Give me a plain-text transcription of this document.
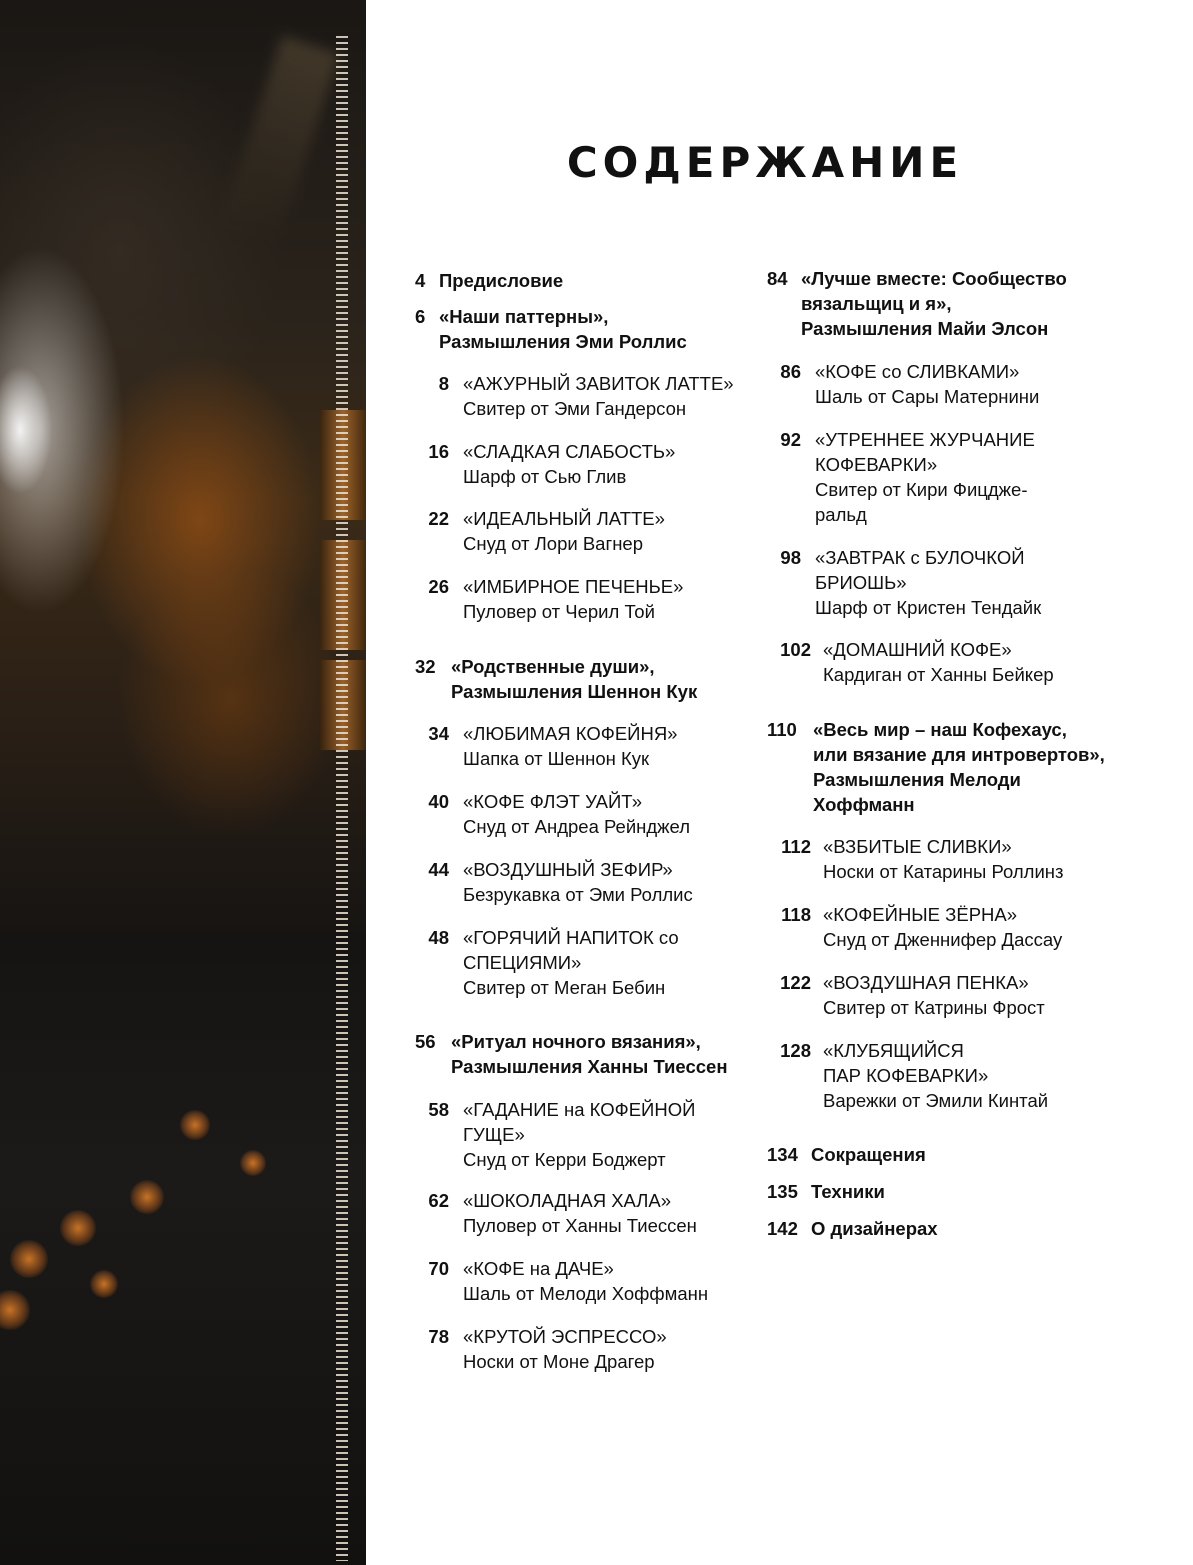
СОДЕРЖАНИЕ
4 Предисловие
6 «Наши паттерны»,
Размышления Эми Роллис
8 «АЖУРНЫЙ ЗАВИТОК ЛАТТЕ»
Свитер от Эми Гандерсон
16 «СЛАДКАЯ СЛАБОСТЬ»
Шарф от Сью Глив
22 «ИДЕАЛЬНЫЙ ЛАТТЕ»
Снуд от Лори Вагнер
26 «ИМБИРНОЕ ПЕЧЕНЬЕ»
Пуловер от Черил Той
32 «Родственные души»,
Размышления Шеннон Кук
34 «ЛЮБИМАЯ КОФЕЙНЯ»
Шапка от Шеннон Кук
40 «КОФЕ ФЛЭТ УАЙТ»
Снуд от Андреа Рейнджел
44 «ВОЗДУШНЫЙ ЗЕФИР»
Безрукавка от Эми Роллис
48 «ГОРЯЧИЙ НАПИТОК со
СПЕЦИЯМИ»
Свитер от Меган Бебин
56 «Ритуал ночного вязания»,
Размышления Ханны Тиессен
58 «ГАДАНИЕ на КОФЕЙНОЙ
ГУЩЕ»
Снуд от Керри Боджерт
62 «ШОКОЛАДНАЯ ХАЛА»
Пуловер от Ханны Тиессен
70 «КОФЕ на ДАЧЕ»
Шаль от Мелоди Хоффманн
78 «КРУТОЙ ЭСПРЕССО»
Носки от Моне Драгер
84 «Лучше вместе: Сообщество
вязальщиц и я»,
Размышления Майи Элсон
86 «КОФЕ со СЛИВКАМИ»
Шаль от Сары Матернини
92 «УТРЕННЕЕ ЖУРЧАНИЕ
КОФЕВАРКИ»
Свитер от Кири Фицдже-
ральд
98 «ЗАВТРАК с БУЛОЧКОЙ
БРИОШЬ»
Шарф от Кристен Тендайк
102 «ДОМАШНИЙ КОФЕ»
Кардиган от Ханны Бейкер
110 «Весь мир – наш Кофехаус,
или вязание для интровертов»,
Размышления Мелоди
Хоффманн
112 «ВЗБИТЫЕ СЛИВКИ»
Носки от Катарины Роллинз
118 «КОФЕЙНЫЕ ЗЁРНА»
Снуд от Дженнифер Дассау
122 «ВОЗДУШНАЯ ПЕНКА»
Свитер от Катрины Фрост
128 «КЛУБЯЩИЙСЯ
ПАР КОФЕВАРКИ»
Варежки от Эмили Кинтай
134 Сокращения
135 Техники
142 О дизайнерах
